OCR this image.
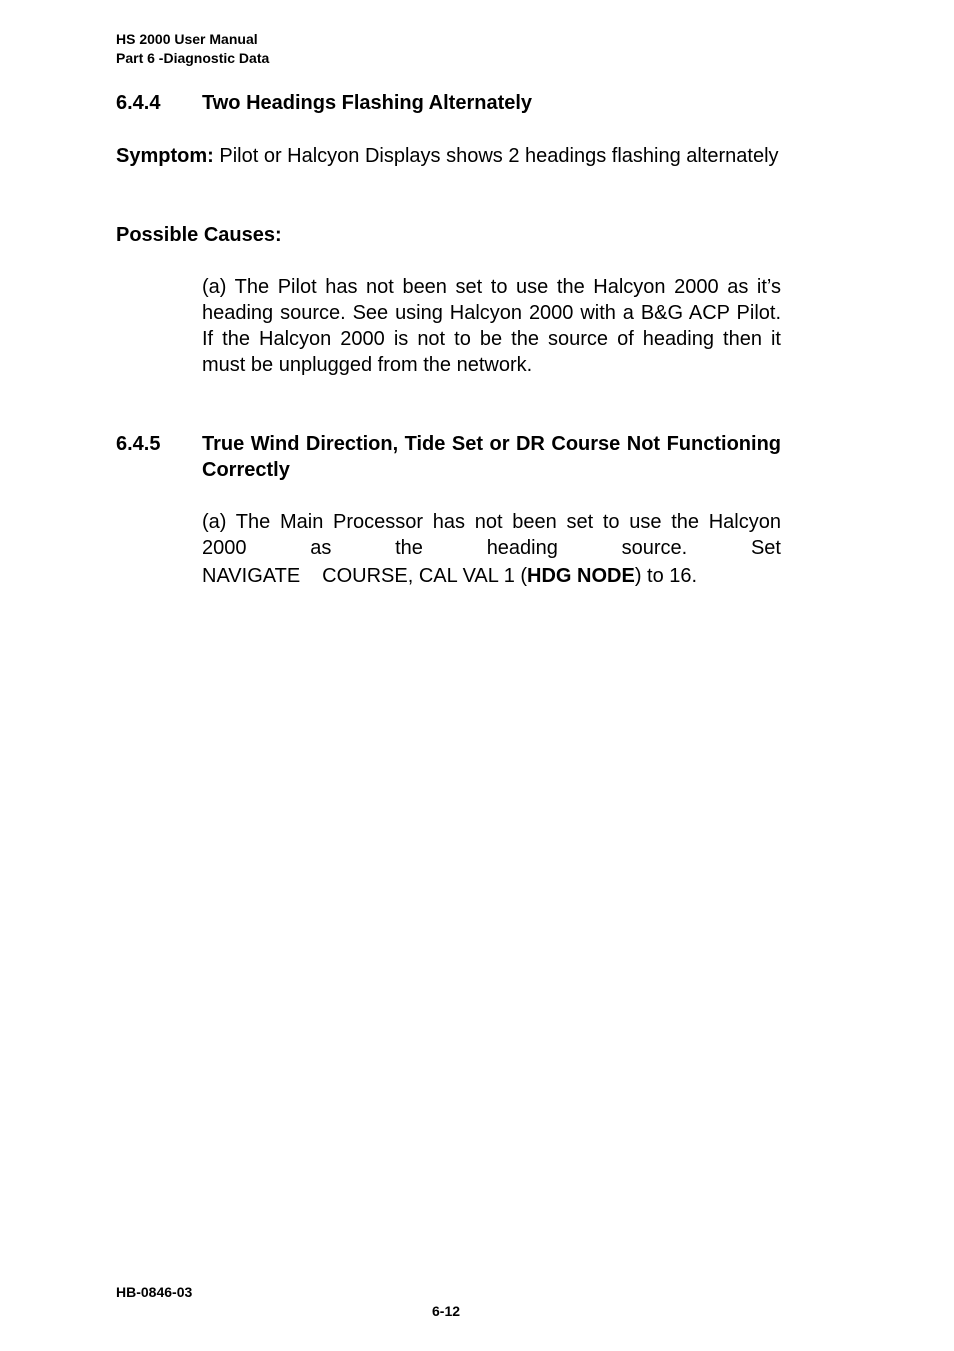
HS 2000 User Manual
Part 6 -Diagnostic Data
6.4.4 Two Headings Flashing Alternately
Symptom: Pilot or Halcyon Displays shows 2 headings flashing alternately
Possible Causes:
(a) The Pilot has not been set to use the Halcyon 2000 as it’s heading source. See using Halcyon 2000 with a B&G ACP Pilot. If the Halcyon 2000 is not to be the source of heading then it must be unplugged from the network.
6.4.5 True Wind Direction, Tide Set or DR Course Not Functioning Correctly
(a) The Main Processor has not been set to use the Halcyon 2000 as the heading source. Set
NAVIGATE COURSE, CAL VAL 1 (HDG NODE) to 16.
HB-0846-03
6-12
